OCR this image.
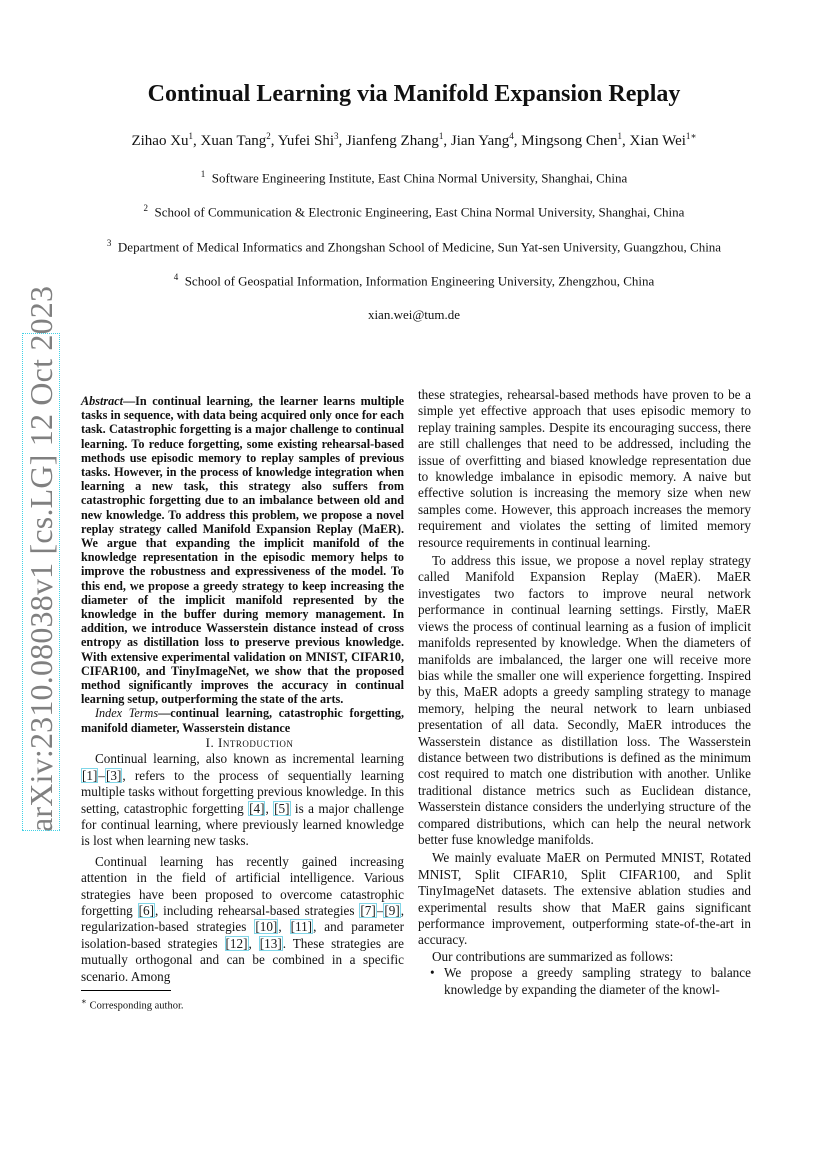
arXiv:2310.08038v1 [cs.LG] 12 Oct 2023
Continual Learning via Manifold Expansion Replay
Zihao Xu$^1$, Xuan Tang$^2$, Yufei Shi$^3$, Jianfeng Zhang$^1$, Jian Yang$^4$, Mingsong Chen$^1$, Xian Wei$^{1∗}$
$^1$ Software Engineering Institute, East China Normal University, Shanghai, China
$^2$ School of Communication & Electronic Engineering, East China Normal University, Shanghai, China
$^3$ Department of Medical Informatics and Zhongshan School of Medicine, Sun Yat-sen University, Guangzhou, China
$^4$ School of Geospatial Information, Information Engineering University, Zhengzhou, China
xian.wei@tum.de

Abstract—In continual learning, the learner learns multiple tasks in sequence, with data being acquired only once for each task. Catastrophic forgetting is a major challenge to continual learning. To reduce forgetting, some existing rehearsal-based methods use episodic memory to replay samples of previous tasks. However, in the process of knowledge integration when learning a new task, this strategy also suffers from catastrophic forgetting due to an imbalance between old and new knowledge. To address this problem, we propose a novel replay strategy called Manifold Expansion Replay (MaER). We argue that expanding the implicit manifold of the knowledge representation in the episodic memory helps to improve the robustness and expressiveness of the model. To this end, we propose a greedy strategy to keep increasing the diameter of the implicit manifold represented by the knowledge in the buffer during memory management. In addition, we introduce Wasserstein distance instead of cross entropy as distillation loss to preserve previous knowledge. With extensive experimental validation on MNIST, CIFAR10, CIFAR100, and TinyImageNet, we show that the proposed method significantly improves the accuracy in continual learning setup, outperforming the state of the arts.

Index Terms—continual learning, catastrophic forgetting, manifold diameter, Wasserstein distance

I. Introduction

Continual learning, also known as incremental learning [1]–[3], refers to the process of sequentially learning multiple tasks without forgetting previous knowledge. In this setting, catastrophic forgetting [4], [5] is a major challenge for continual learning, where previously learned knowledge is lost when learning new tasks.

Continual learning has recently gained increasing attention in the field of artificial intelligence. Various strategies have been proposed to overcome catastrophic forgetting [6], including rehearsal-based strategies [7]–[9], regularization-based strategies [10], [11], and parameter isolation-based strategies [12], [13]. These strategies are mutually orthogonal and can be combined in a specific scenario. Among

∗ Corresponding author.

these strategies, rehearsal-based methods have proven to be a simple yet effective approach that uses episodic memory to replay training samples. Despite its encouraging success, there are still challenges that need to be addressed, including the issue of overfitting and biased knowledge representation due to knowledge imbalance in episodic memory. A naive but effective solution is increasing the memory size when new samples come. However, this approach increases the memory requirement and violates the setting of limited memory resource requirements in continual learning.

To address this issue, we propose a novel replay strategy called Manifold Expansion Replay (MaER). MaER investigates two factors to improve neural network performance in continual learning settings. Firstly, MaER views the process of continual learning as a fusion of implicit manifolds represented by knowledge. When the diameters of manifolds are imbalanced, the larger one will receive more bias while the smaller one will experience forgetting. Inspired by this, MaER adopts a greedy sampling strategy to manage memory, helping the neural network to learn unbiased presentation of all data. Secondly, MaER introduces the Wasserstein distance as distillation loss. The Wasserstein distance between two distributions is defined as the minimum cost required to match one distribution with another. Unlike traditional distance metrics such as Euclidean distance, Wasserstein distance considers the underlying structure of the compared distributions, which can help the neural network better fuse knowledge manifolds.

We mainly evaluate MaER on Permuted MNIST, Rotated MNIST, Split CIFAR10, Split CIFAR100, and Split TinyImageNet datasets. The extensive ablation studies and experimental results show that MaER gains significant performance improvement, outperforming state-of-the-art in accuracy.

Our contributions are summarized as follows:

• We propose a greedy sampling strategy to balance knowledge by expanding the diameter of the knowl-
